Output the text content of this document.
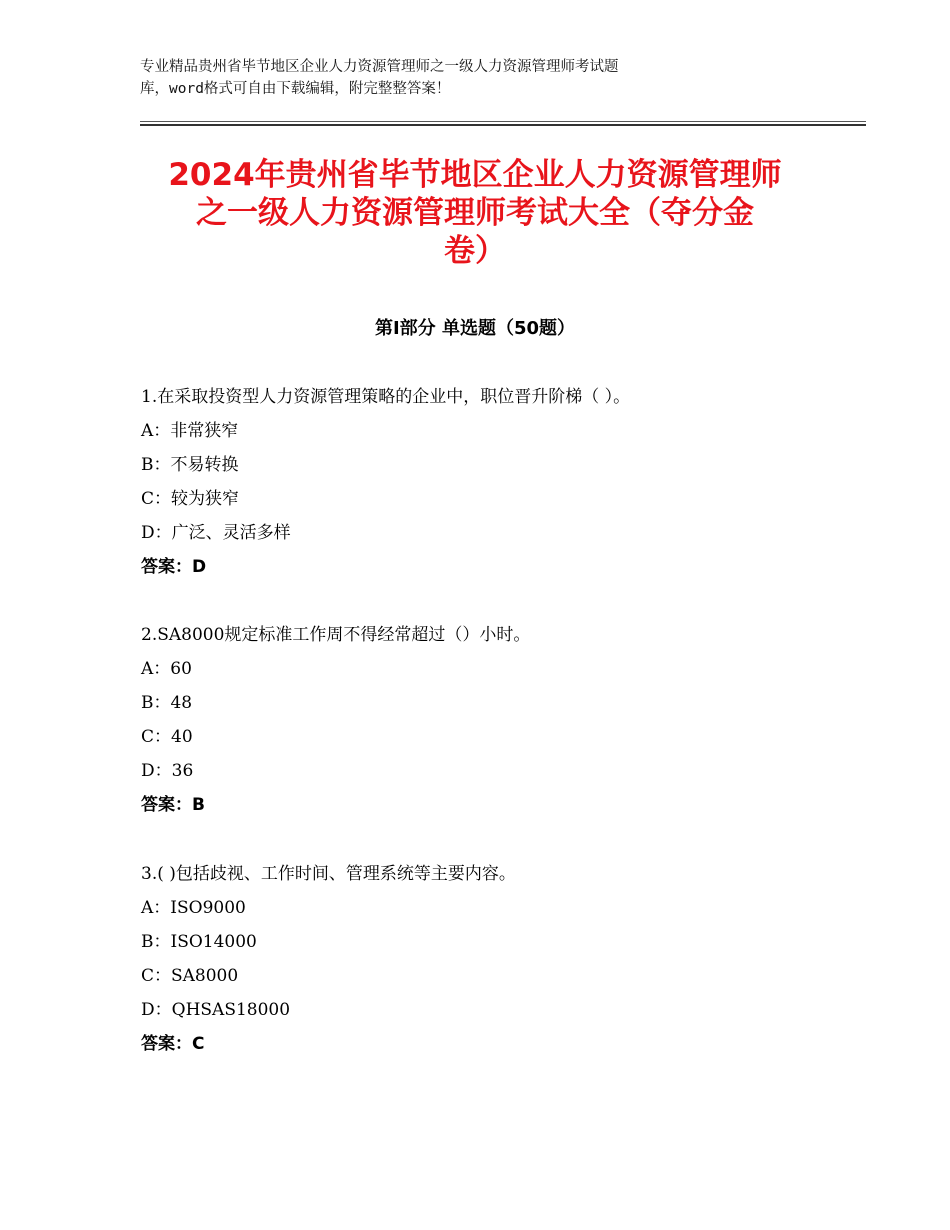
专业精品贵州省毕节地区企业人力资源管理师之一级人力资源管理师考试题
库，word格式可自由下载编辑，附完整整答案！
2024年贵州省毕节地区企业人力资源管理师
之一级人力资源管理师考试大全（夺分金
卷）
第Ⅰ部分 单选题（50题）
1.在采取投资型人力资源管理策略的企业中，职位晋升阶梯（ ）。
A：非常狭窄
B：不易转换
C：较为狭窄
D：广泛、灵活多样
答案：D
2.SA8000规定标准工作周不得经常超过（）小时。
A：60
B：48
C：40
D：36
答案：B
3.( )包括歧视、工作时间、管理系统等主要内容。
A：ISO9000
B：ISO14000
C：SA8000
D：QHSAS18000
答案：C
